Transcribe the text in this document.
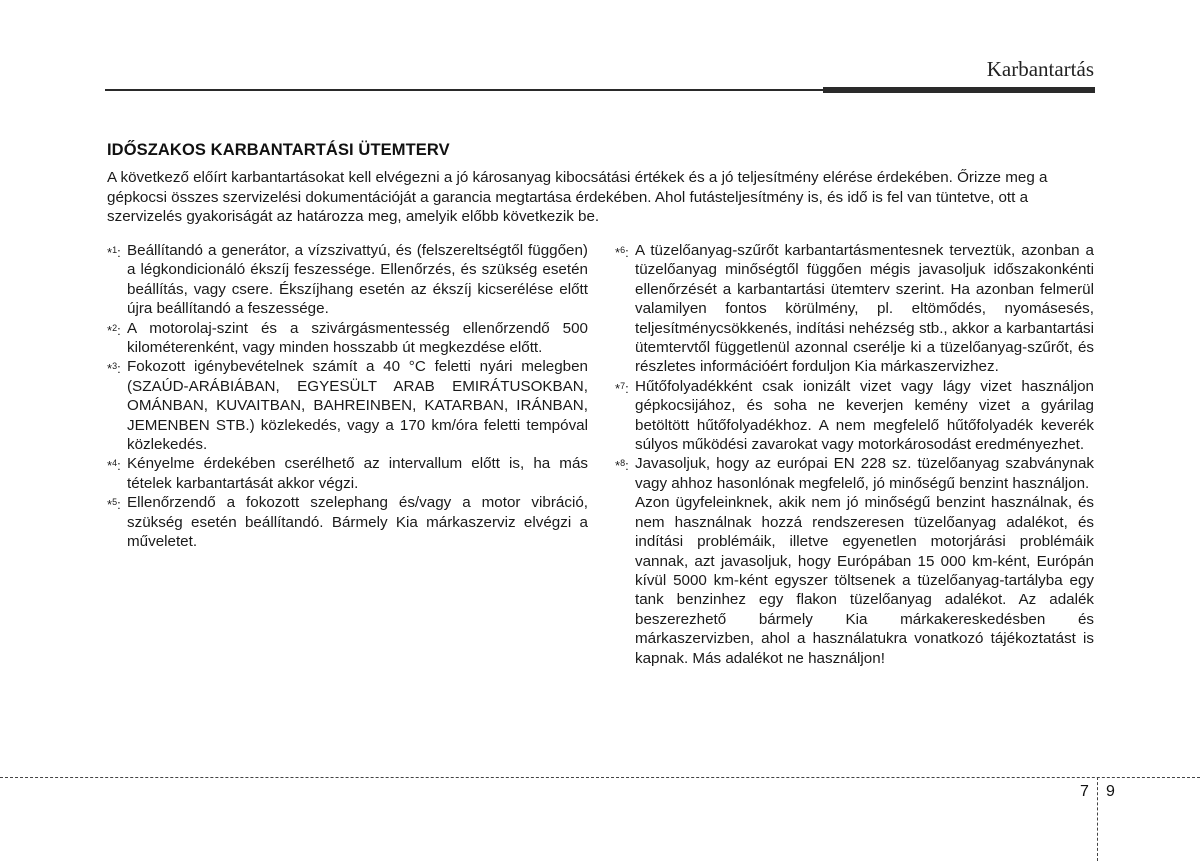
Karbantartás
IDŐSZAKOS KARBANTARTÁSI ÜTEMTERV
A következő előírt karbantartásokat kell elvégezni a jó károsanyag kibocsátási értékek és a jó teljesítmény elérése érdekében. Őrizze meg a gépkocsi összes szervizelési dokumentációját a garancia megtartása érdekében. Ahol futásteljesítmény is, és idő is fel van tüntetve, ott a szervizelés gyakoriságát az határozza meg, amelyik előbb következik be.
*$^1$: Beállítandó a generátor, a vízszivattyú, és (felszereltségtől függően) a légkondicionáló ékszíj feszessége. Ellenőrzés, és szükség esetén beállítás, vagy csere. Ékszíjhang esetén az ékszíj kicserélése előtt újra beállítandó a feszessége.
*$^2$: A motorolaj-szint és a szivárgásmentesség ellenőrzendő 500 kilométerenként, vagy minden hosszabb út megkezdése előtt.
*$^3$: Fokozott igénybevételnek számít a 40 °C feletti nyári melegben (SZAÚD-ARÁBIÁBAN, EGYESÜLT ARAB EMIRÁTUSOKBAN, OMÁNBAN, KUVAITBAN, BAHREINBEN, KATARBAN, IRÁNBAN, JEMENBEN STB.) közlekedés, vagy a 170 km/óra feletti tempóval közlekedés.
*$^4$: Kényelme érdekében cserélhető az intervallum előtt is, ha más tételek karbantartását akkor végzi.
*$^5$: Ellenőrzendő a fokozott szelephang és/vagy a motor vibráció, szükség esetén beállítandó. Bármely Kia márkaszerviz elvégzi a műveletet.
*$^6$: A tüzelőanyag-szűrőt karbantartásmentesnek terveztük, azonban a tüzelőanyag minőségtől függően mégis javasoljuk időszakonkénti ellenőrzését a karbantartási ütemterv szerint. Ha azonban felmerül valamilyen fontos körülmény, pl. eltömődés, nyomásesés, teljesítménycsökkenés, indítási nehézség stb., akkor a karbantartási ütemtervtől függetlenül azonnal cserélje ki a tüzelőanyag-szűrőt, és részletes információért forduljon Kia márkaszervizhez.
*$^7$: Hűtőfolyadékként csak ionizált vizet vagy lágy vizet használjon gépkocsijához, és soha ne keverjen kemény vizet a gyárilag betöltött hűtőfolyadékhoz. A nem megfelelő hűtőfolyadék keverék súlyos működési zavarokat vagy motorkárosodást eredményezhet.
*$^8$: Javasoljuk, hogy az európai EN 228 sz. tüzelőanyag szabványnak vagy ahhoz hasonlónak megfelelő, jó minőségű benzint használjon.
Azon ügyfeleinknek, akik nem jó minőségű benzint használnak, és nem használnak hozzá rendszeresen tüzelőanyag adalékot, és indítási problémáik, illetve egyenetlen motorjárási problémáik vannak, azt javasoljuk, hogy Európában 15 000 km-ként, Európán kívül 5000 km-ként egyszer töltsenek a tüzelőanyag-tartályba egy tank benzinhez egy flakon tüzelőanyag adalékot. Az adalék beszerezhető bármely Kia márkakereskedésben és márkaszervizben, ahol a használatukra vonatkozó tájékoztatást is kapnak. Más adalékot ne használjon!
7 9
